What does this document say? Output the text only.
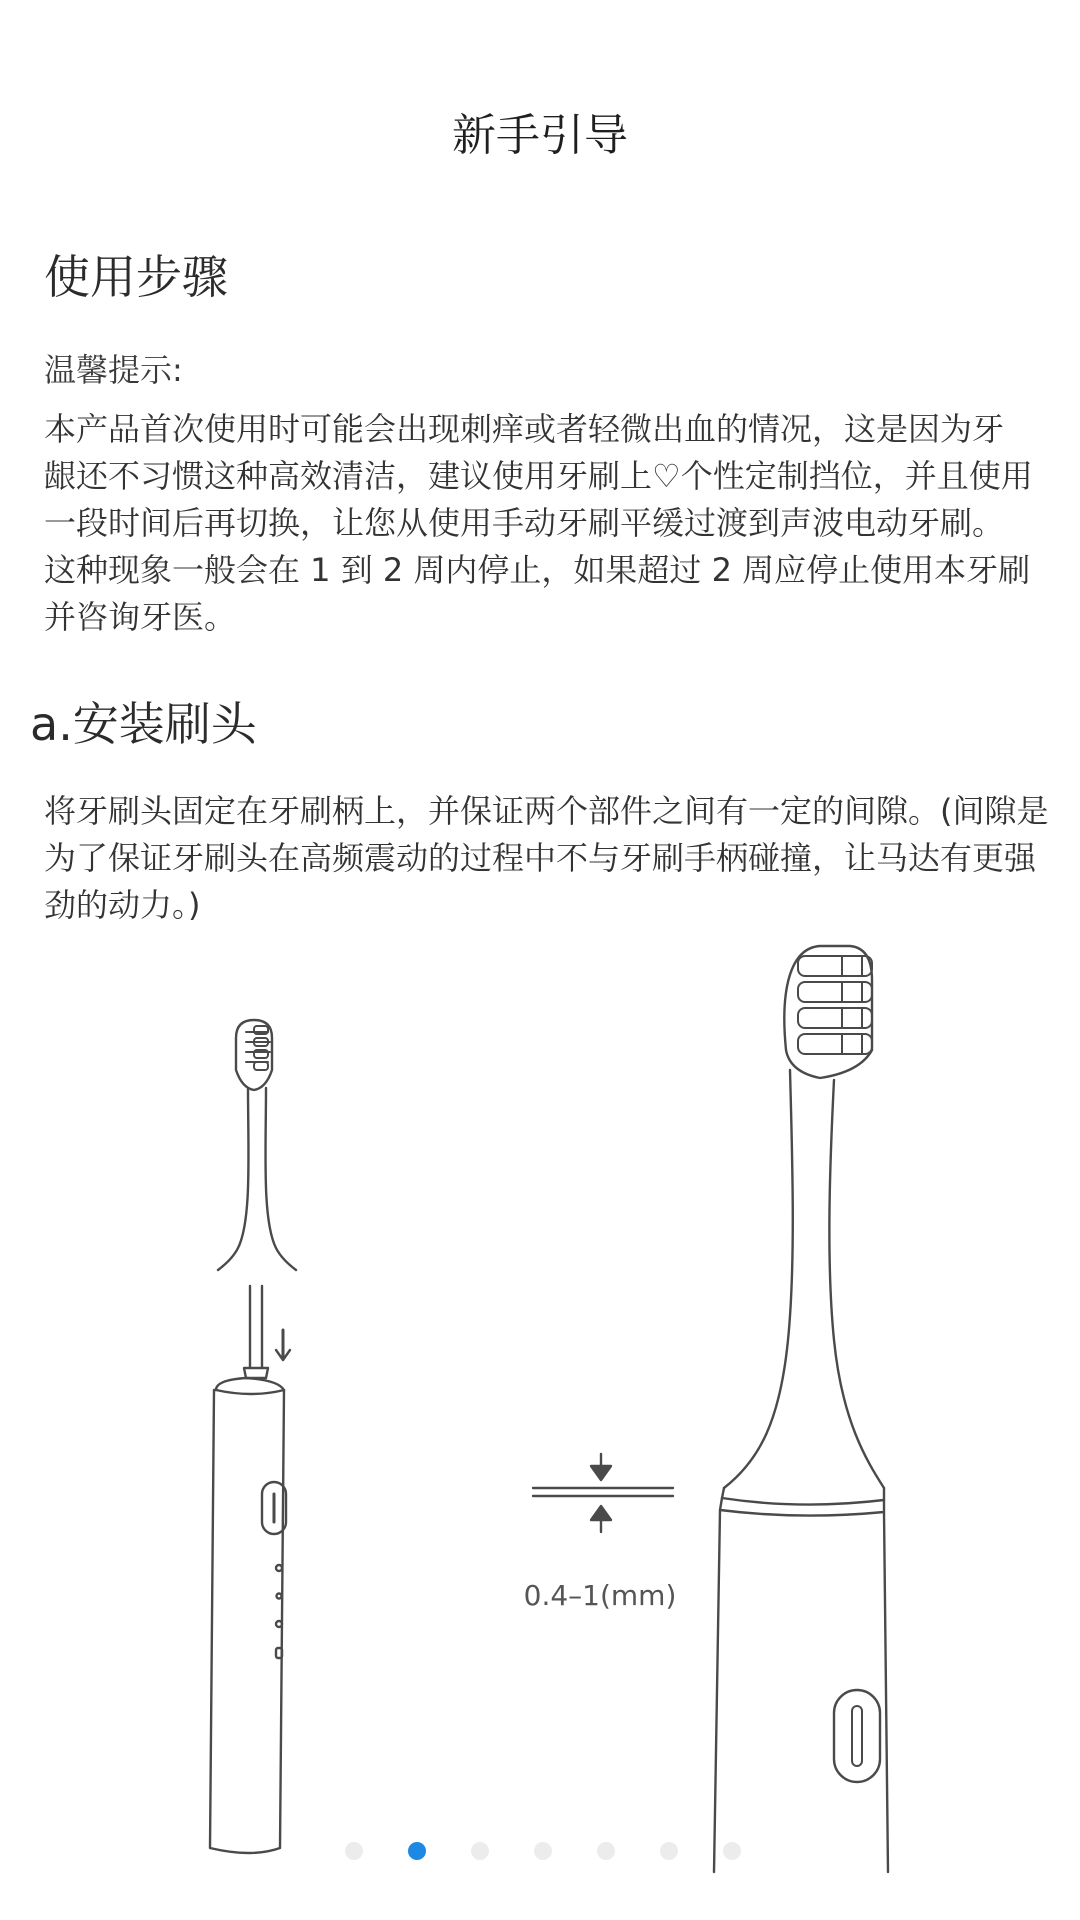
新手引导
使用步骤
温馨提示:
本产品首次使用时可能会出现刺痒或者轻微出血的情况，这是因为牙龈还不习惯这种高效清洁，建议使用牙刷上♡个性定制挡位，并且使用一段时间后再切换，让您从使用手动牙刷平缓过渡到声波电动牙刷。这种现象一般会在 1 到 2 周内停止，如果超过 2 周应停止使用本牙刷并咨询牙医。
a.安装刷头
将牙刷头固定在牙刷柄上，并保证两个部件之间有一定的间隙。(间隙是为了保证牙刷头在高频震动的过程中不与牙刷手柄碰撞，让马达有更强劲的动力。)
0.4–1(mm)
